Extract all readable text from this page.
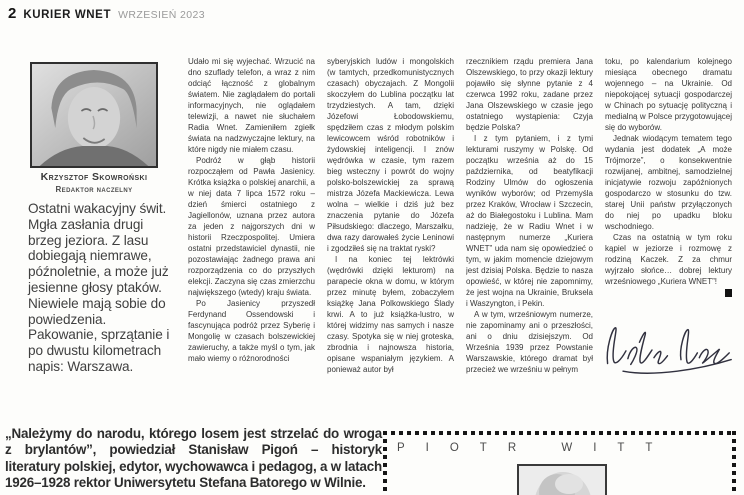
2 KURIER WNET WRZESIEŃ 2023
Krzysztof Skowroński
Redaktor naczelny
Ostatni wakacyjny świt. Mgła zasłania drugi brzeg jeziora. Z lasu dobiegają niemrawe, późnoletnie, a może już jesienne głosy ptaków. Niewiele mają sobie do powiedzenia. Pakowanie, sprzątanie i po dwustu kilometrach napis: Warszawa.

Udało mi się wyjechać. Wrzucić na dno szuflady telefon, a wraz z nim odciąć łączność z globalnym światem. Nie zaglądałem do portali informacyjnych, nie oglądałem telewizji, a nawet nie słuchałem Radia Wnet. Zamieniłem zgiełk świata na nadzwyczajne lektury, na które nigdy nie miałem czasu.

Podróż w głąb historii rozpocząłem od Pawła Jasienicy. Krótka książka o polskiej anarchii, a w niej data 7 lipca 1572 roku – dzień śmierci ostatniego z Jagiellonów, uznana przez autora za jeden z najgorszych dni w historii Rzeczpospolitej. Umiera ostatni przedstawiciel dynastii, nie pozostawiając żadnego prawa ani rozporządzenia co do przyszłych elekcji. Zaczyna się czas zmierzchu największego (wtedy) kraju świata.

Po Jasienicy przyszedł Ferdynand Ossendowski i fascynująca podróż przez Syberię i Mongolię w czasach bolszewickiej zawieruchy, a także myśl o tym, jak mało wiemy o różnorodności

syberyjskich ludów i mongolskich (w tamtych, przedkomunistycznych czasach) obyczajach. Z Mongolii skoczyłem do Lublina początku lat trzydziestych. A tam, dzięki Józefowi Łobodowskiemu, spędziłem czas z młodym polskim lewicowcem wśród robotników i żydowskiej inteligencji. I znów wędrówka w czasie, tym razem bieg wsteczny i powrót do wojny polsko-bolszewickiej za sprawą mistrza Józefa Mackiewicza. Lewa wolna – wielkie i dziś już bez znaczenia pytanie do Józefa Piłsudskiego: dlaczego, Marszałku, dwa razy darowałeś życie Leninowi i zgodziłeś się na traktat ryski?

I na koniec tej lektrówki (wędrówki dzięki lekturom) na parapecie okna w domu, w którym przez minutę byłem, zobaczyłem książkę Jana Polkowskiego Ślady krwi. A to już książka-lustro, w której widzimy nas samych i nasze czasy. Spotyka się w niej groteska, zbrodnia i najnowsza historia, opisane wspaniałym językiem. A ponieważ autor był

rzecznikiem rządu premiera Jana Olszewskiego, to przy okazji lektury pojawiło się słynne pytanie z 4 czerwca 1992 roku, zadane przez Jana Olszewskiego w czasie jego ostatniego wystąpienia: Czyja będzie Polska?

I z tym pytaniem, i z tymi lekturami ruszymy w Polskę. Od początku września aż do 15 października, od beatyfikacji Rodziny Ulmów do ogłoszenia wyników wyborów; od Przemyśla przez Kraków, Wrocław i Szczecin, aż do Białegostoku i Lublina. Mam nadzieję, że w Radiu Wnet i w następnym numerze „Kuriera WNET” uda nam się opowiedzieć o tym, w jakim momencie dziejowym jest dzisiaj Polska. Będzie to nasza opowieść, w której nie zapomnimy, że jest wojna na Ukrainie, Bruksela i Waszyngton, i Pekin.

A w tym, wrześniowym numerze, nie zapominamy ani o przeszłości, ani o dniu dzisiejszym. Od Września 1939 przez Powstanie Warszawskie, którego dramat był przecież we wrześniu w pełnym

toku, po kalendarium kolejnego miesiąca obecnego dramatu wojennego – na Ukrainie. Od niepokojącej sytuacji gospodarczej w Chinach po sytuację polityczną i medialną w Polsce przygotowującej się do wyborów.

Jednak wiodącym tematem tego wydania jest dodatek „A może Trójmorze”, o konsekwentnie rozwijanej, ambitnej, samodzielnej inicjatywie rozwoju zapóźnionych gospodarczo w stosunku do tzw. starej Unii państw przyłączonych do niej po upadku bloku wschodniego.

Czas na ostatnią w tym roku kąpiel w jeziorze i rozmowę z rodziną Kaczek. Z za chmur wyjrzało słońce… dobrej lektury wrześniowego „Kuriera WNET”!

„Należymy do narodu, którego losem jest strzelać do wroga z brylantów”, powiedział Stanisław Pigoń – historyk literatury polskiej, edytor, wychowawca i pedagog, a w latach 1926–1928 rektor Uniwersytetu Stefana Batorego w Wilnie.
PIOTR WITT
